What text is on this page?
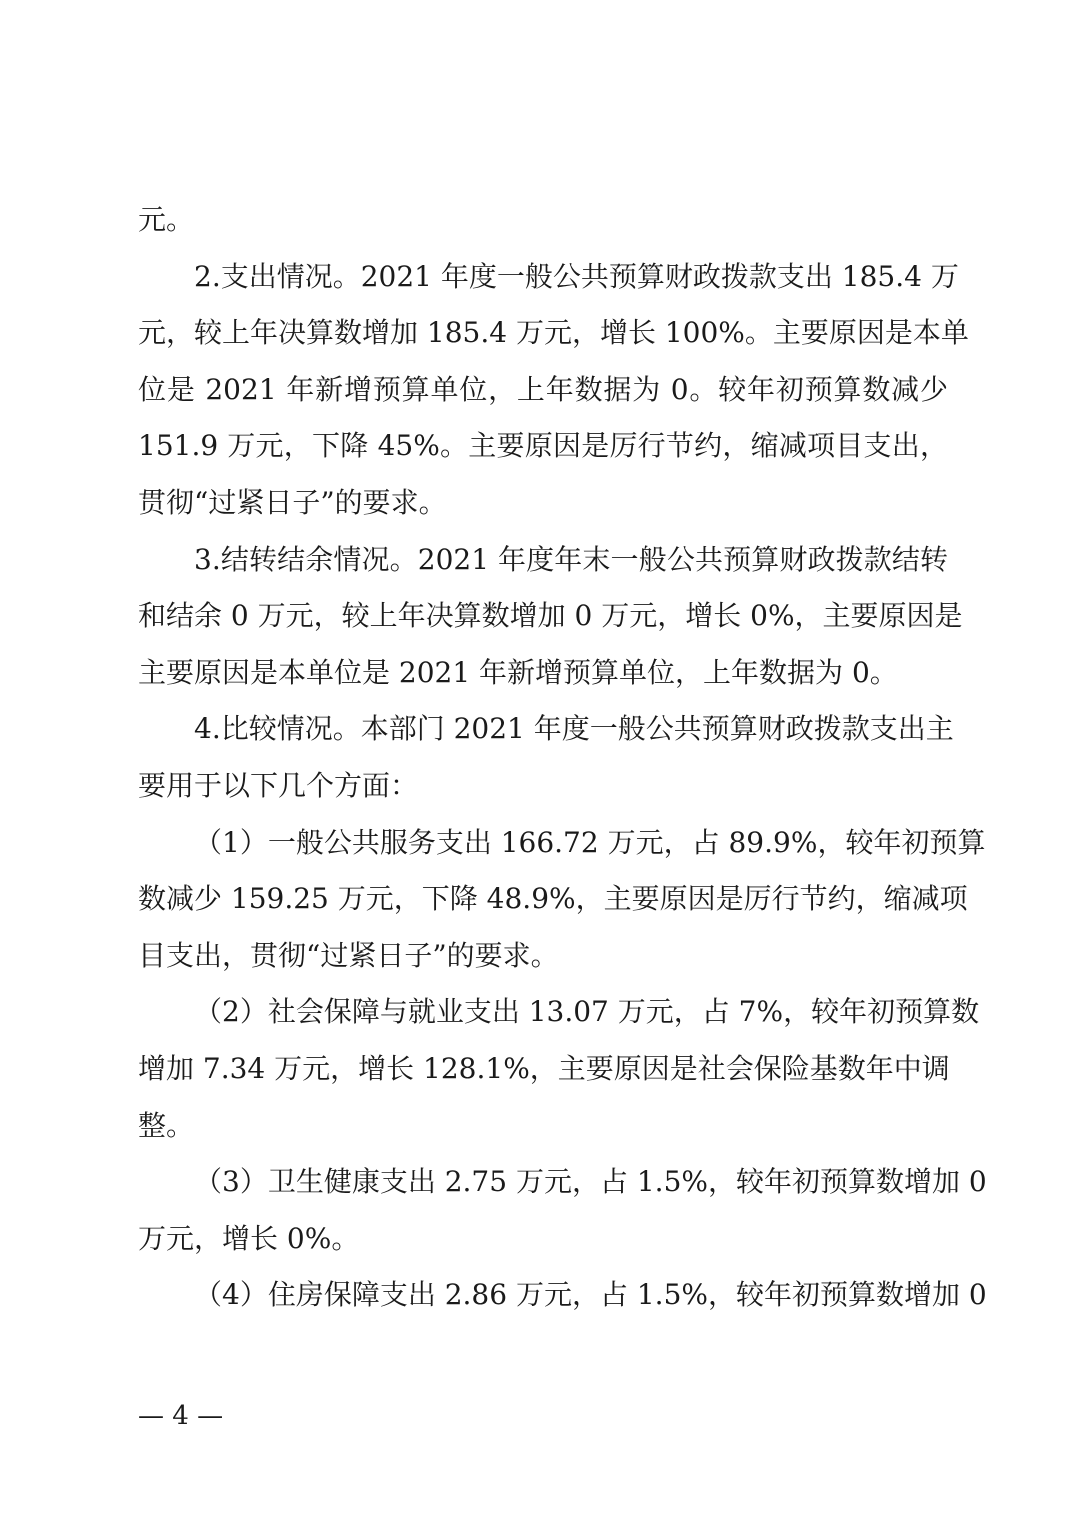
元。
2.支出情况。2021 年度一般公共预算财政拨款支出 185.4 万
元，较上年决算数增加 185.4 万元，增长 100%。主要原因是本单
位是 2021 年新增预算单位，上年数据为 0。较年初预算数减少
151.9 万元，下降 45%。主要原因是厉行节约，缩减项目支出，
贯彻“过紧日子”的要求。
3.结转结余情况。2021 年度年末一般公共预算财政拨款结转
和结余 0 万元，较上年决算数增加 0 万元，增长 0%，主要原因是
主要原因是本单位是 2021 年新增预算单位，上年数据为 0。
4.比较情况。本部门 2021 年度一般公共预算财政拨款支出主
要用于以下几个方面：
（1）一般公共服务支出 166.72 万元，占 89.9%，较年初预算
数减少 159.25 万元，下降 48.9%，主要原因是厉行节约，缩减项
目支出，贯彻“过紧日子”的要求。
（2）社会保障与就业支出 13.07 万元，占 7%，较年初预算数
增加 7.34 万元，增长 128.1%，主要原因是社会保险基数年中调
整。
（3）卫生健康支出 2.75 万元，占 1.5%，较年初预算数增加 0
万元，增长 0%。
（4）住房保障支出 2.86 万元，占 1.5%，较年初预算数增加 0
— 4 —
